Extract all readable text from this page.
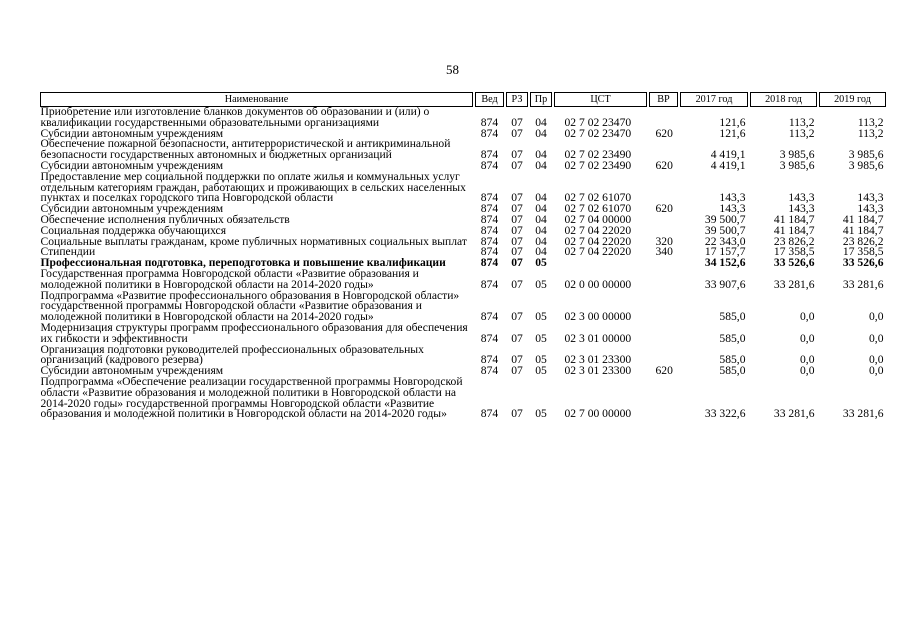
58
Наименование		Вед		РЗ		Пр		ЦСТ		ВР		2017 год		2018 год		2019 год
Приобретение или изготовление бланков документов об образовании и (или) о квалификации государственными образовательными организациями		874		07		04		02 7 02 23470				121,6		113,2		113,2
Субсидии автономным учреждениям		874		07		04		02 7 02 23470		620		121,6		113,2		113,2
Обеспечение пожарной безопасности, антитеррористической и антикриминальной безопасности государственных автономных и бюджетных организаций		874		07		04		02 7 02 23490				4 419,1		3 985,6		3 985,6
Субсидии автономным учреждениям		874		07		04		02 7 02 23490		620		4 419,1		3 985,6		3 985,6
Предоставление мер социальной поддержки по оплате жилья и коммунальных услуг отдельным категориям граждан, работающих и проживающих в сельских населенных пунктах и поселках городского типа Новгородской области		874		07		04		02 7 02 61070				143,3		143,3		143,3
Субсидии автономным учреждениям		874		07		04		02 7 02 61070		620		143,3		143,3		143,3
Обеспечение исполнения публичных обязательств		874		07		04		02 7 04 00000				39 500,7		41 184,7		41 184,7
Социальная поддержка обучающихся		874		07		04		02 7 04 22020				39 500,7		41 184,7		41 184,7
Социальные выплаты гражданам, кроме публичных нормативных социальных выплат		874		07		04		02 7 04 22020		320		22 343,0		23 826,2		23 826,2
Стипендии		874		07		04		02 7 04 22020		340		17 157,7		17 358,5		17 358,5
Профессиональная подготовка, переподготовка и повышение квалификации		874		07		05						34 152,6		33 526,6		33 526,6
Государственная программа Новгородской области «Развитие образования и молодежной политики в Новгородской области на 2014-2020 годы»		874		07		05		02 0 00 00000				33 907,6		33 281,6		33 281,6
Подпрограмма «Развитие профессионального образования в Новгородской области» государственной программы Новгородской области «Развитие образования и молодежной политики в Новгородской области на 2014-2020 годы»		874		07		05		02 3 00 00000				585,0		0,0		0,0
Модернизация структуры программ профессионального образования для обеспечения их гибкости и эффективности		874		07		05		02 3 01 00000				585,0		0,0		0,0
Организация подготовки руководителей профессиональных образовательных организаций (кадрового резерва)		874		07		05		02 3 01 23300				585,0		0,0		0,0
Субсидии автономным учреждениям		874		07		05		02 3 01 23300		620		585,0		0,0		0,0
Подпрограмма «Обеспечение реализации государственной программы Новгородской области «Развитие образования и молодежной политики в Новгородской области на 2014-2020 годы» государственной программы Новгородской области «Развитие образования и молодежной политики в Новгородской области на 2014-2020 годы»		874		07		05		02 7 00 00000				33 322,6		33 281,6		33 281,6
